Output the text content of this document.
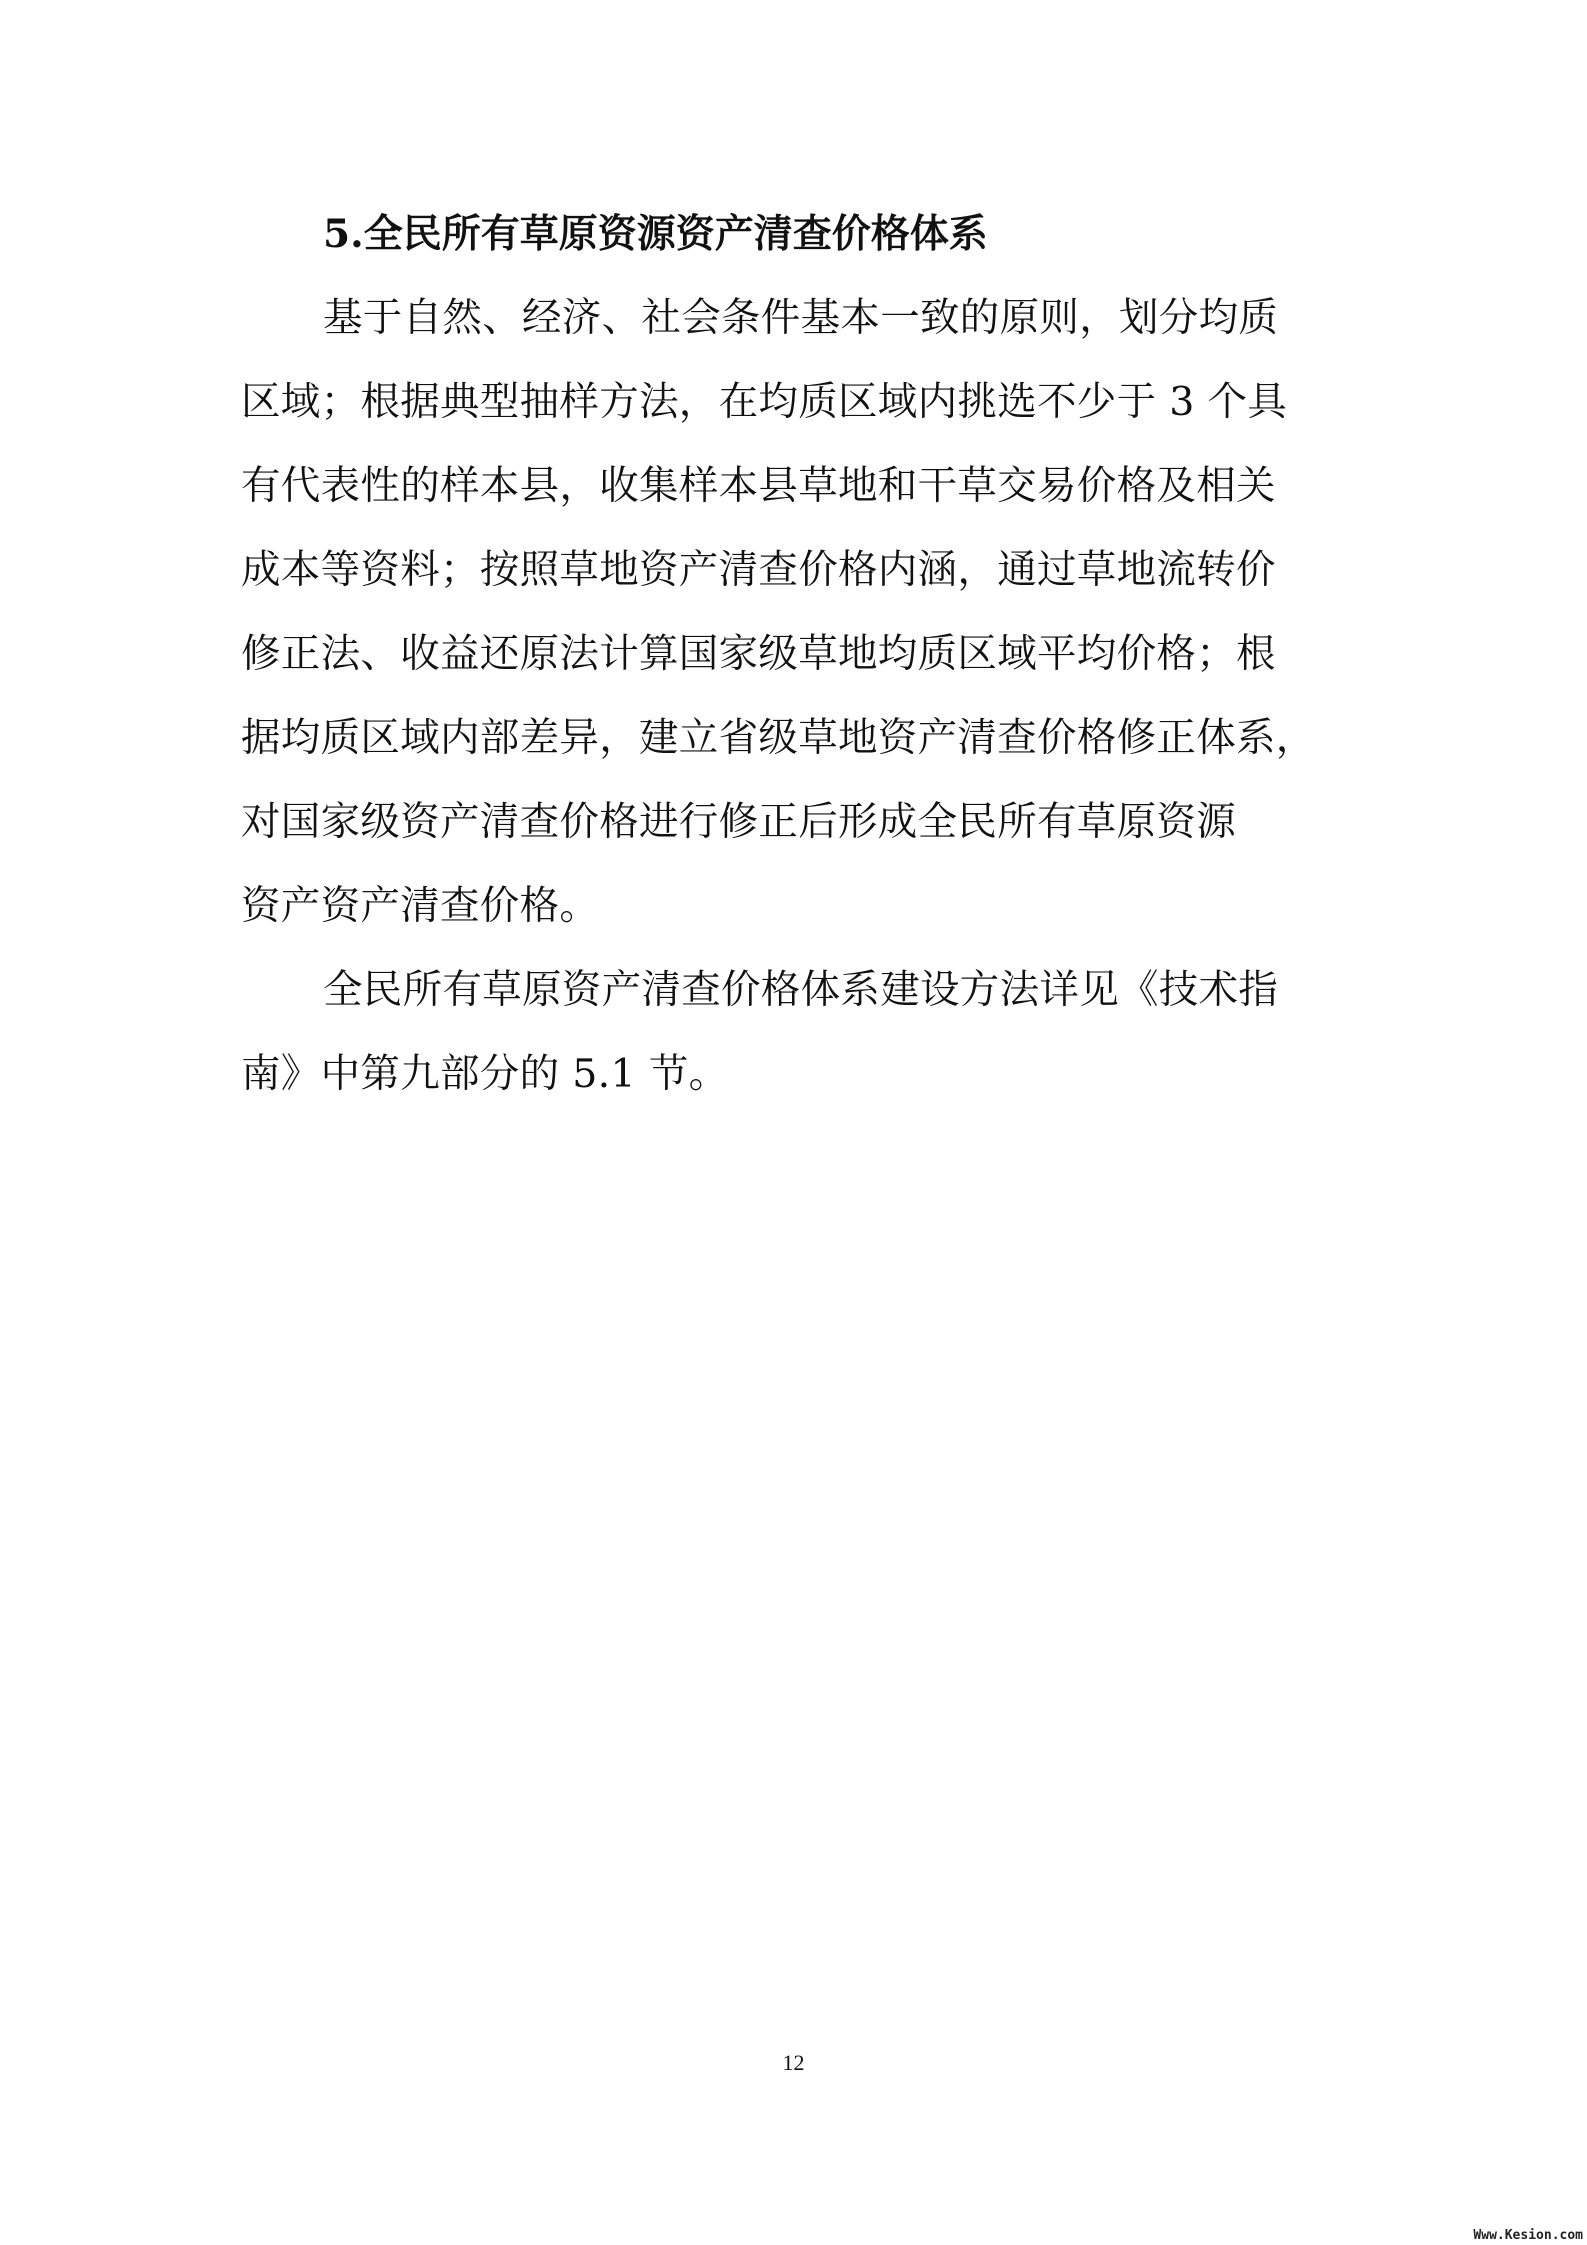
5.全民所有草原资源资产清查价格体系
基于自然、经济、社会条件基本一致的原则，划分均质
区域；根据典型抽样方法，在均质区域内挑选不少于 3 个具
有代表性的样本县，收集样本县草地和干草交易价格及相关
成本等资料；按照草地资产清查价格内涵，通过草地流转价
修正法、收益还原法计算国家级草地均质区域平均价格；根
据均质区域内部差异，建立省级草地资产清查价格修正体系，
对国家级资产清查价格进行修正后形成全民所有草原资源
资产资产清查价格。
全民所有草原资产清查价格体系建设方法详见《技术指
南》中第九部分的 5.1 节。
12
Www.Kesion.com
